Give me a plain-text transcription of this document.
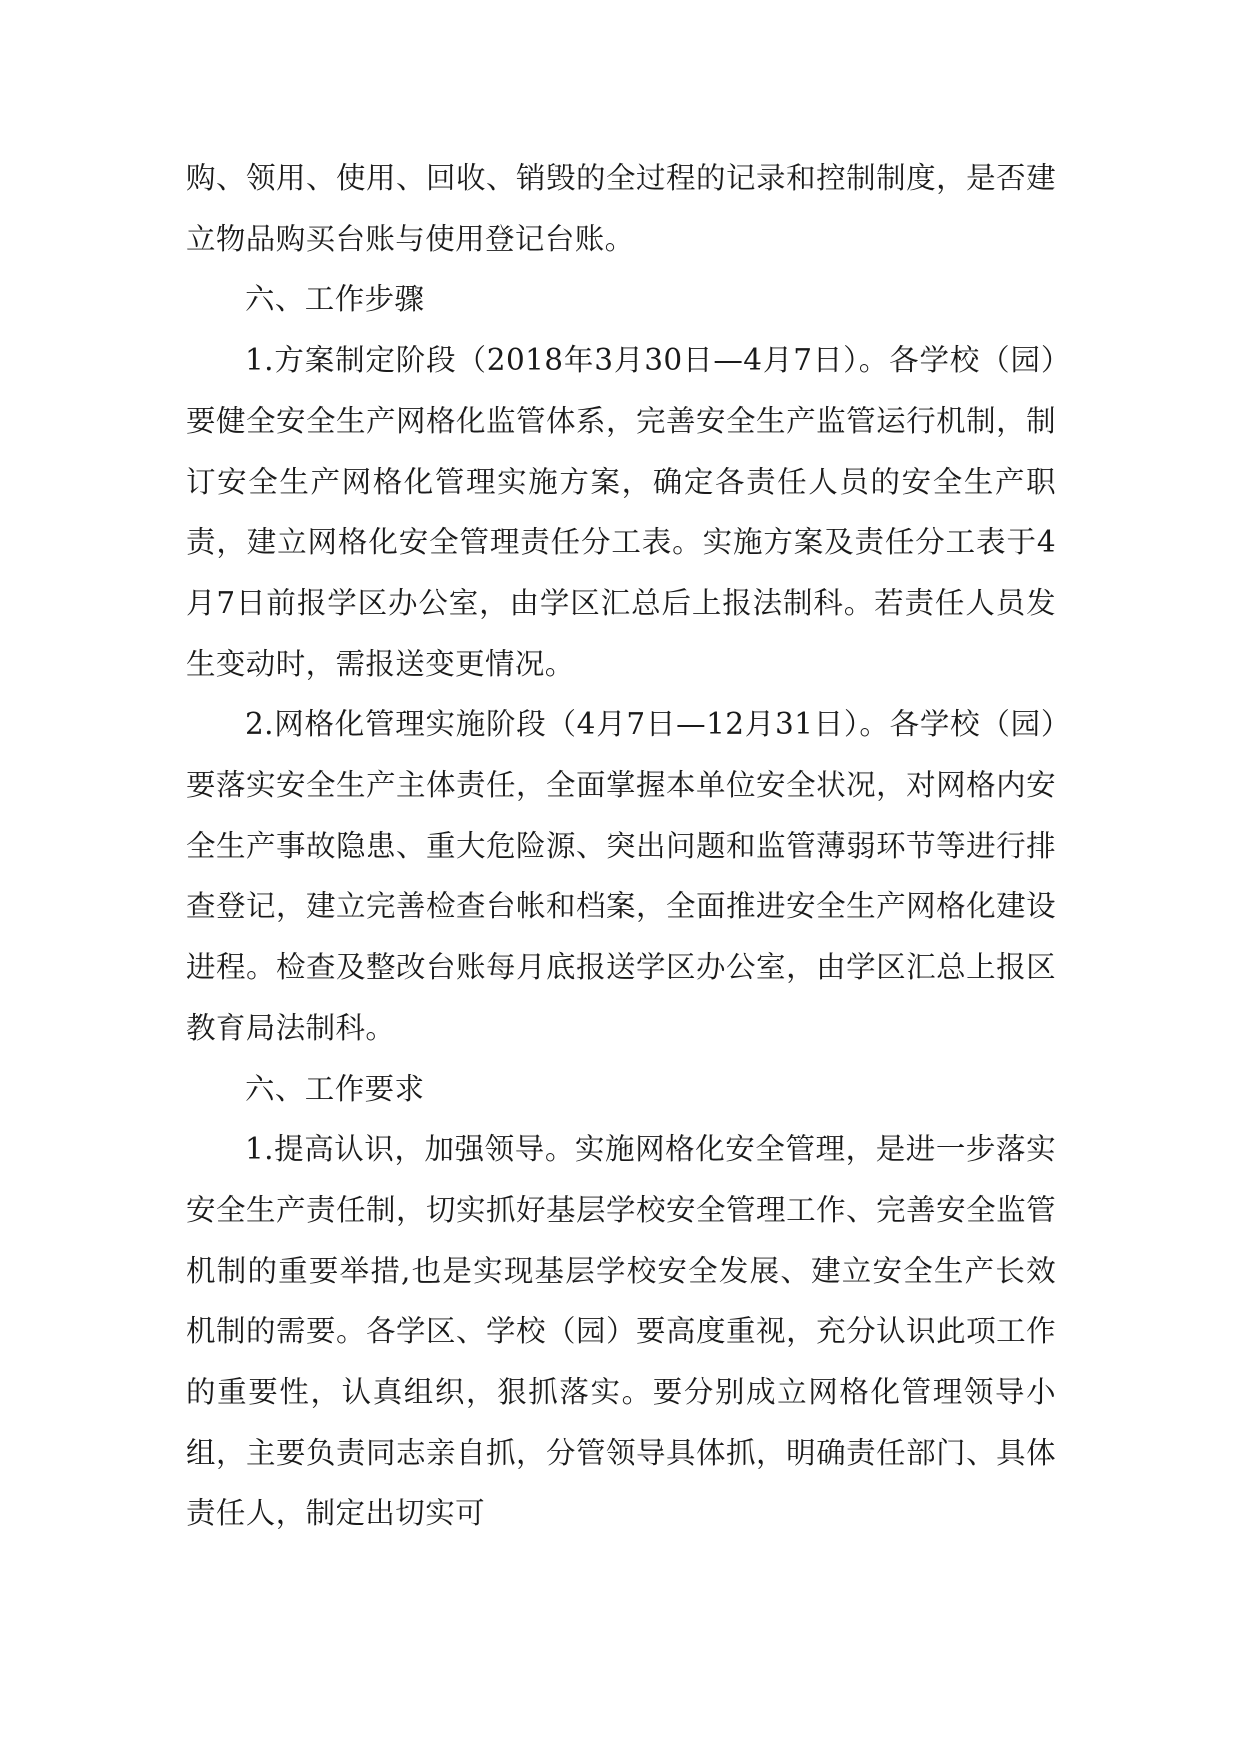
购、领用、使用、回收、销毁的全过程的记录和控制制度，是否建立物品购买台账与使用登记台账。

六、工作步骤

1.方案制定阶段（2018年3月30日—4月7日）。各学校（园）要健全安全生产网格化监管体系，完善安全生产监管运行机制，制订安全生产网格化管理实施方案，确定各责任人员的安全生产职责，建立网格化安全管理责任分工表。实施方案及责任分工表于4月7日前报学区办公室，由学区汇总后上报法制科。若责任人员发生变动时，需报送变更情况。

2.网格化管理实施阶段（4月7日—12月31日）。各学校（园）要落实安全生产主体责任，全面掌握本单位安全状况，对网格内安全生产事故隐患、重大危险源、突出问题和监管薄弱环节等进行排查登记，建立完善检查台帐和档案，全面推进安全生产网格化建设进程。检查及整改台账每月底报送学区办公室，由学区汇总上报区教育局法制科。

六、工作要求

1.提高认识，加强领导。实施网格化安全管理，是进一步落实安全生产责任制，切实抓好基层学校安全管理工作、完善安全监管机制的重要举措,也是实现基层学校安全发展、建立安全生产长效机制的需要。各学区、学校（园）要高度重视，充分认识此项工作的重要性，认真组织，狠抓落实。要分别成立网格化管理领导小组，主要负责同志亲自抓，分管领导具体抓，明确责任部门、具体责任人，制定出切实可
